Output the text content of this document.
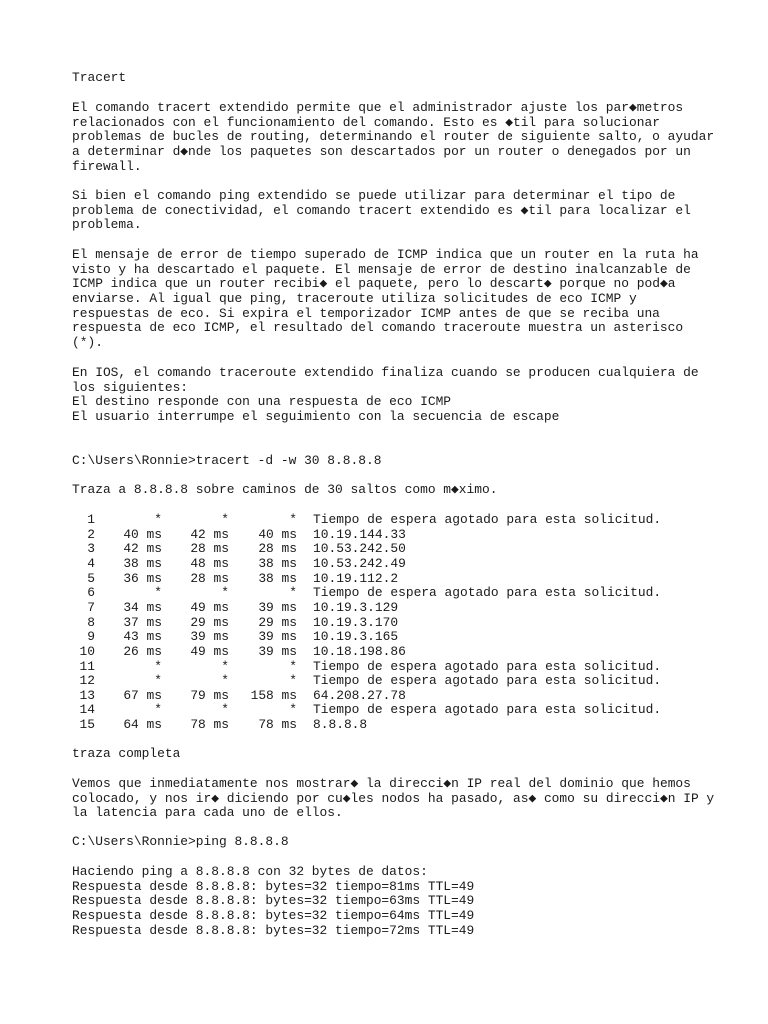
Tracert
El comando tracert extendido permite que el administrador ajuste los par◆metros
relacionados con el funcionamiento del comando. Esto es ◆til para solucionar
problemas de bucles de routing, determinando el router de siguiente salto, o ayudar
a determinar d◆nde los paquetes son descartados por un router o denegados por un
firewall.
Si bien el comando ping extendido se puede utilizar para determinar el tipo de
problema de conectividad, el comando tracert extendido es ◆til para localizar el
problema.
El mensaje de error de tiempo superado de ICMP indica que un router en la ruta ha
visto y ha descartado el paquete. El mensaje de error de destino inalcanzable de
ICMP indica que un router recibi◆ el paquete, pero lo descart◆ porque no pod◆a
enviarse. Al igual que ping, traceroute utiliza solicitudes de eco ICMP y
respuestas de eco. Si expira el temporizador ICMP antes de que se reciba una
respuesta de eco ICMP, el resultado del comando traceroute muestra un asterisco
(*).
En IOS, el comando traceroute extendido finaliza cuando se producen cualquiera de
los siguientes:
El destino responde con una respuesta de eco ICMP
El usuario interrumpe el seguimiento con la secuencia de escape
C:\Users\Ronnie>tracert -d -w 30 8.8.8.8
Traza a 8.8.8.8 sobre caminos de 30 saltos como m◆ximo.
1	*	*	* Tiempo de espera agotado para esta solicitud.
2	40 ms	42 ms	40 ms 10.19.144.33
3	42 ms	28 ms	28 ms 10.53.242.50
4	38 ms	48 ms	38 ms 10.53.242.49
5	36 ms	28 ms	38 ms 10.19.112.2
6	*	*	* Tiempo de espera agotado para esta solicitud.
7	34 ms	49 ms	39 ms 10.19.3.129
8	37 ms	29 ms	29 ms 10.19.3.170
9	43 ms	39 ms	39 ms 10.19.3.165
10	26 ms	49 ms	39 ms 10.18.198.86
11	*	*	* Tiempo de espera agotado para esta solicitud.
12	*	*	* Tiempo de espera agotado para esta solicitud.
13	67 ms	79 ms	158 ms 64.208.27.78
14	*	*	* Tiempo de espera agotado para esta solicitud.
15	64 ms	78 ms	78 ms 8.8.8.8
traza completa
Vemos que inmediatamente nos mostrar◆ la direcci◆n IP real del dominio que hemos
colocado, y nos ir◆ diciendo por cu◆les nodos ha pasado, as◆ como su direcci◆n IP y
la latencia para cada uno de ellos.
C:\Users\Ronnie>ping 8.8.8.8
Haciendo ping a 8.8.8.8 con 32 bytes de datos:
Respuesta desde 8.8.8.8: bytes=32 tiempo=81ms TTL=49
Respuesta desde 8.8.8.8: bytes=32 tiempo=63ms TTL=49
Respuesta desde 8.8.8.8: bytes=32 tiempo=64ms TTL=49
Respuesta desde 8.8.8.8: bytes=32 tiempo=72ms TTL=49
